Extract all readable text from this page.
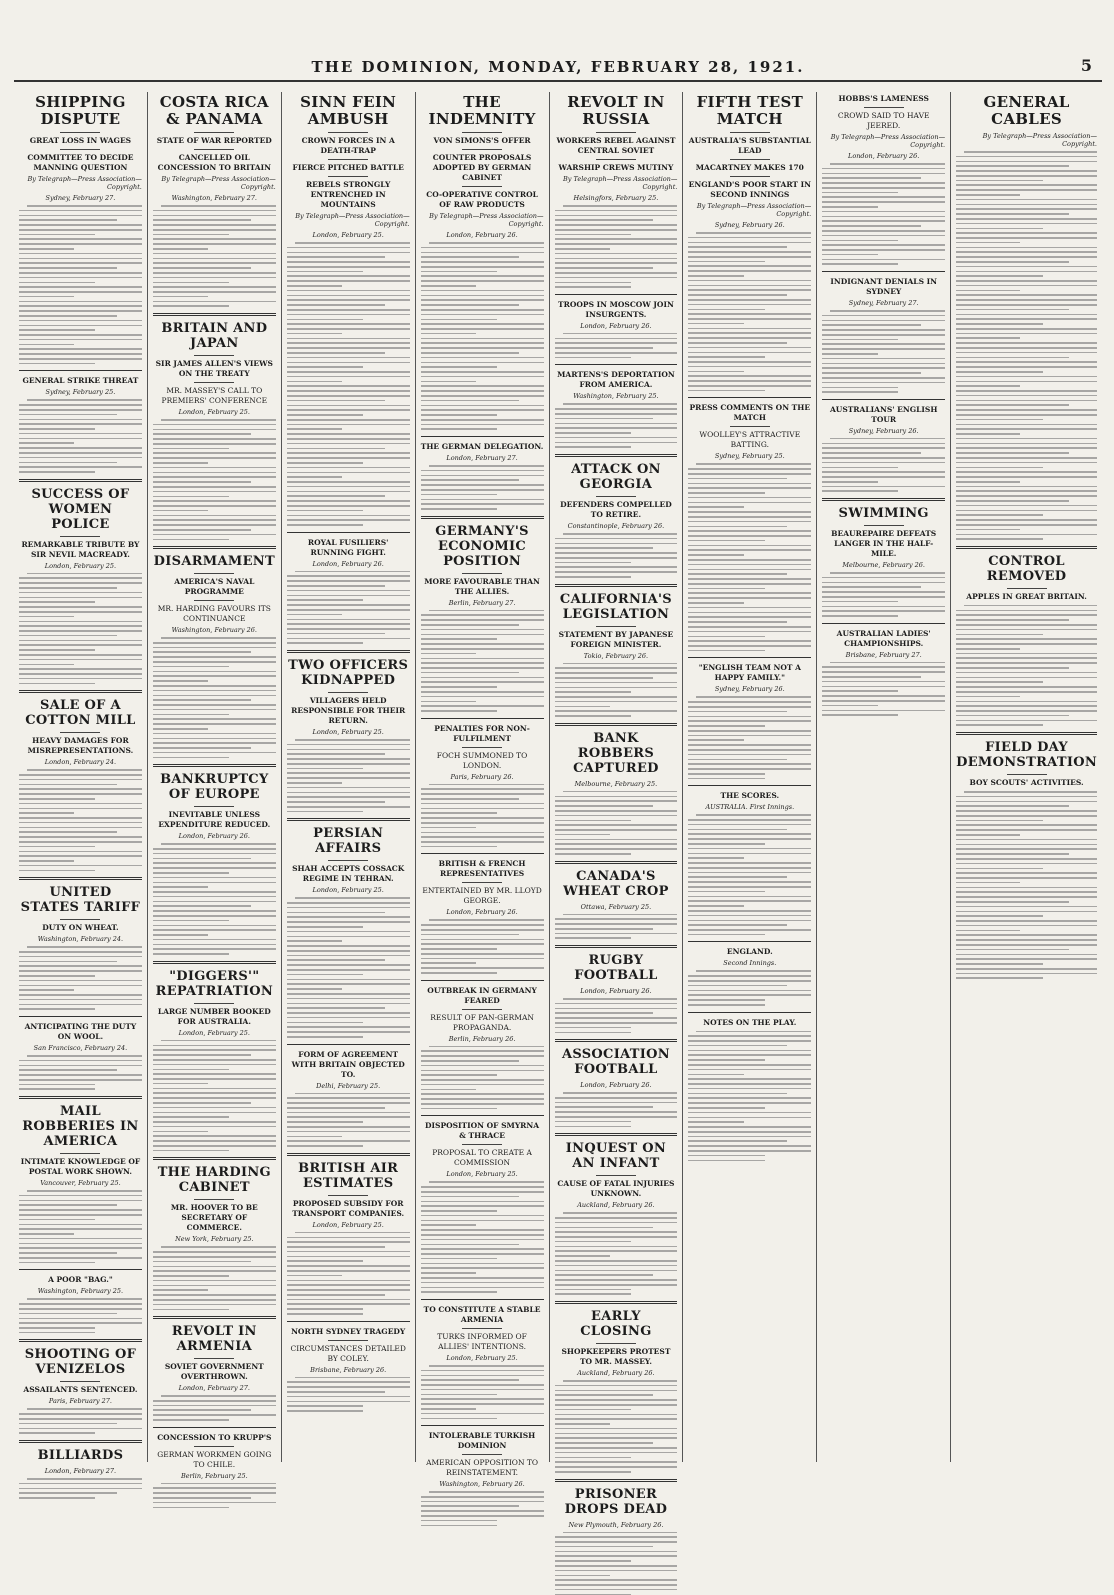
THE DOMINION, MONDAY, FEBRUARY 28, 1921.	5
SHIPPING DISPUTE
GREAT LOSS IN WAGES
COMMITTEE TO DECIDE MANNING QUESTION
By Telegraph—Press Association—Copyright.
Sydney, February 27.
GENERAL STRIKE THREAT
Sydney, February 25.
SUCCESS OF WOMEN POLICE
REMARKABLE TRIBUTE BY SIR NEVIL MACREADY.
London, February 25.
SALE OF A COTTON MILL
HEAVY DAMAGES FOR MISREPRESENTATIONS.
London, February 24.
UNITED STATES TARIFF
DUTY ON WHEAT.
Washington, February 24.
ANTICIPATING THE DUTY ON WOOL.
San Francisco, February 24.
MAIL ROBBERIES IN AMERICA
INTIMATE KNOWLEDGE OF POSTAL WORK SHOWN.
Vancouver, February 25.
A POOR "BAG."
Washington, February 25.
SHOOTING OF VENIZELOS
ASSAILANTS SENTENCED.
Paris, February 27.
BILLIARDS
London, February 27.
COSTA RICA & PANAMA
STATE OF WAR REPORTED
CANCELLED OIL CONCESSION TO BRITAIN
By Telegraph—Press Association—Copyright.
Washington, February 27.
BRITAIN AND JAPAN
SIR JAMES ALLEN'S VIEWS ON THE TREATY
MR. MASSEY'S CALL TO PREMIERS' CONFERENCE
London, February 25.
DISARMAMENT
AMERICA'S NAVAL PROGRAMME
MR. HARDING FAVOURS ITS CONTINUANCE
Washington, February 26.
BANKRUPTCY OF EUROPE
INEVITABLE UNLESS EXPENDITURE REDUCED.
London, February 26.
"DIGGERS'" REPATRIATION
LARGE NUMBER BOOKED FOR AUSTRALIA.
London, February 25.
THE HARDING CABINET
MR. HOOVER TO BE SECRETARY OF COMMERCE.
New York, February 25.
REVOLT IN ARMENIA
SOVIET GOVERNMENT OVERTHROWN.
London, February 27.
CONCESSION TO KRUPP'S
GERMAN WORKMEN GOING TO CHILE.
Berlin, February 25.
SINN FEIN AMBUSH
CROWN FORCES IN A DEATH-TRAP
FIERCE PITCHED BATTLE
REBELS STRONGLY ENTRENCHED IN MOUNTAINS
By Telegraph—Press Association—Copyright.
London, February 25.
ROYAL FUSILIERS' RUNNING FIGHT.
London, February 26.
TWO OFFICERS KIDNAPPED
VILLAGERS HELD RESPONSIBLE FOR THEIR RETURN.
London, February 25.
PERSIAN AFFAIRS
SHAH ACCEPTS COSSACK REGIME IN TEHRAN.
London, February 25.
FORM OF AGREEMENT WITH BRITAIN OBJECTED TO.
Delhi, February 25.
BRITISH AIR ESTIMATES
PROPOSED SUBSIDY FOR TRANSPORT COMPANIES.
London, February 25.
NORTH SYDNEY TRAGEDY
CIRCUMSTANCES DETAILED BY COLEY.
Brisbane, February 26.
THE INDEMNITY
VON SIMONS'S OFFER
COUNTER PROPOSALS ADOPTED BY GERMAN CABINET
CO-OPERATIVE CONTROL OF RAW PRODUCTS
By Telegraph—Press Association—Copyright.
London, February 26.
THE GERMAN DELEGATION.
London, February 27.
GERMANY'S ECONOMIC POSITION
MORE FAVOURABLE THAN THE ALLIES.
Berlin, February 27.
PENALTIES FOR NON-FULFILMENT
FOCH SUMMONED TO LONDON.
Paris, February 26.
BRITISH & FRENCH REPRESENTATIVES
ENTERTAINED BY MR. LLOYD GEORGE.
London, February 26.
OUTBREAK IN GERMANY FEARED
RESULT OF PAN-GERMAN PROPAGANDA.
Berlin, February 26.
DISPOSITION OF SMYRNA & THRACE
PROPOSAL TO CREATE A COMMISSION
London, February 25.
TO CONSTITUTE A STABLE ARMENIA
TURKS INFORMED OF ALLIES' INTENTIONS.
London, February 25.
INTOLERABLE TURKISH DOMINION
AMERICAN OPPOSITION TO REINSTATEMENT.
Washington, February 26.
REVOLT IN RUSSIA
WORKERS REBEL AGAINST CENTRAL SOVIET
WARSHIP CREWS MUTINY
By Telegraph—Press Association—Copyright.
Helsingfors, February 25.
TROOPS IN MOSCOW JOIN INSURGENTS.
London, February 26.
MARTENS'S DEPORTATION FROM AMERICA.
Washington, February 25.
ATTACK ON GEORGIA
DEFENDERS COMPELLED TO RETIRE.
Constantinople, February 26.
CALIFORNIA'S LEGISLATION
STATEMENT BY JAPANESE FOREIGN MINISTER.
Tokio, February 26.
BANK ROBBERS CAPTURED
Melbourne, February 25.
CANADA'S WHEAT CROP
Ottawa, February 25.
RUGBY FOOTBALL
London, February 26.
ASSOCIATION FOOTBALL
London, February 26.
INQUEST ON AN INFANT
CAUSE OF FATAL INJURIES UNKNOWN.
Auckland, February 26.
EARLY CLOSING
SHOPKEEPERS PROTEST TO MR. MASSEY.
Auckland, February 26.
PRISONER DROPS DEAD
New Plymouth, February 26.
FIFTH TEST MATCH
AUSTRALIA'S SUBSTANTIAL LEAD
MACARTNEY MAKES 170
ENGLAND'S POOR START IN SECOND INNINGS
By Telegraph—Press Association—Copyright.
Sydney, February 26.
PRESS COMMENTS ON THE MATCH
WOOLLEY'S ATTRACTIVE BATTING.
Sydney, February 25.
"ENGLISH TEAM NOT A HAPPY FAMILY."
Sydney, February 26.
THE SCORES.
AUSTRALIA. First Innings.
ENGLAND.
Second Innings.
NOTES ON THE PLAY.
HOBBS'S LAMENESS
CROWD SAID TO HAVE JEERED.
By Telegraph—Press Association—Copyright.
London, February 26.
INDIGNANT DENIALS IN SYDNEY
Sydney, February 27.
AUSTRALIANS' ENGLISH TOUR
Sydney, February 26.
SWIMMING
BEAUREPAIRE DEFEATS LANGER IN THE HALF-MILE.
Melbourne, February 26.
AUSTRALIAN LADIES' CHAMPIONSHIPS.
Brisbane, February 27.
GENERAL CABLES
By Telegraph—Press Association—Copyright.
CONTROL REMOVED
APPLES IN GREAT BRITAIN.
FIELD DAY DEMONSTRATION
BOY SCOUTS' ACTIVITIES.
